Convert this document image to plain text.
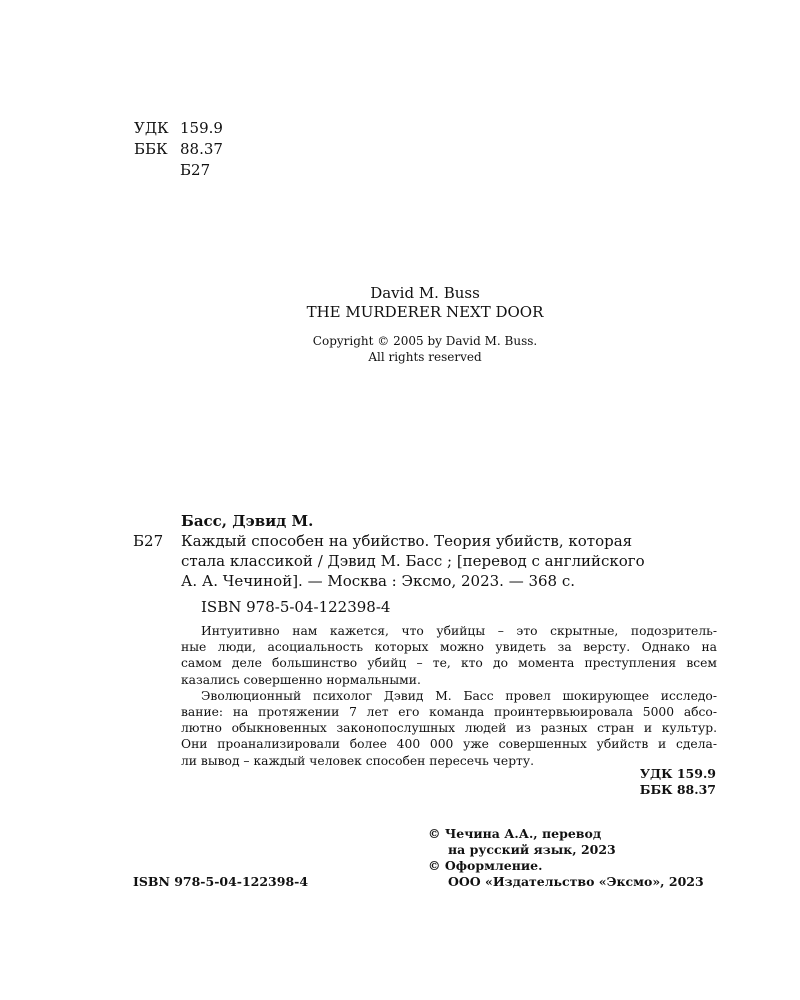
УДК 159.9
ББК 88.37
Б27
David M. Buss
THE MURDERER NEXT DOOR
Copyright © 2005 by David M. Buss.
All rights reserved
Басс, Дэвид М.
Б27 Каждый способен на убийство. Теория убийств, которая
стала классикой / Дэвид М. Басс ; [перевод с английского
А. А. Чечиной]. — Москва : Эксмо, 2023. — 368 с.
ISBN 978-5-04-122398-4
Интуитивно нам кажется, что убийцы – это скрытные, подозритель-
ные люди, асоциальность которых можно увидеть за версту. Однако на
самом деле большинство убийц – те, кто до момента преступления всем
казались совершенно нормальными.
Эволюционный психолог Дэвид М. Басс провел шокирующее исследо-
вание: на протяжении 7 лет его команда проинтервьюировала 5000 абсо-
лютно обыкновенных законопослушных людей из разных стран и культур.
Они проанализировали более 400 000 уже совершенных убийств и сдела-
ли вывод – каждый человек способен пересечь черту.
УДК 159.9
ББК 88.37
ISBN 978-5-04-122398-4
© Чечина А.А., перевод
на русский язык, 2023
© Оформление.
ООО «Издательство «Эксмо», 2023
